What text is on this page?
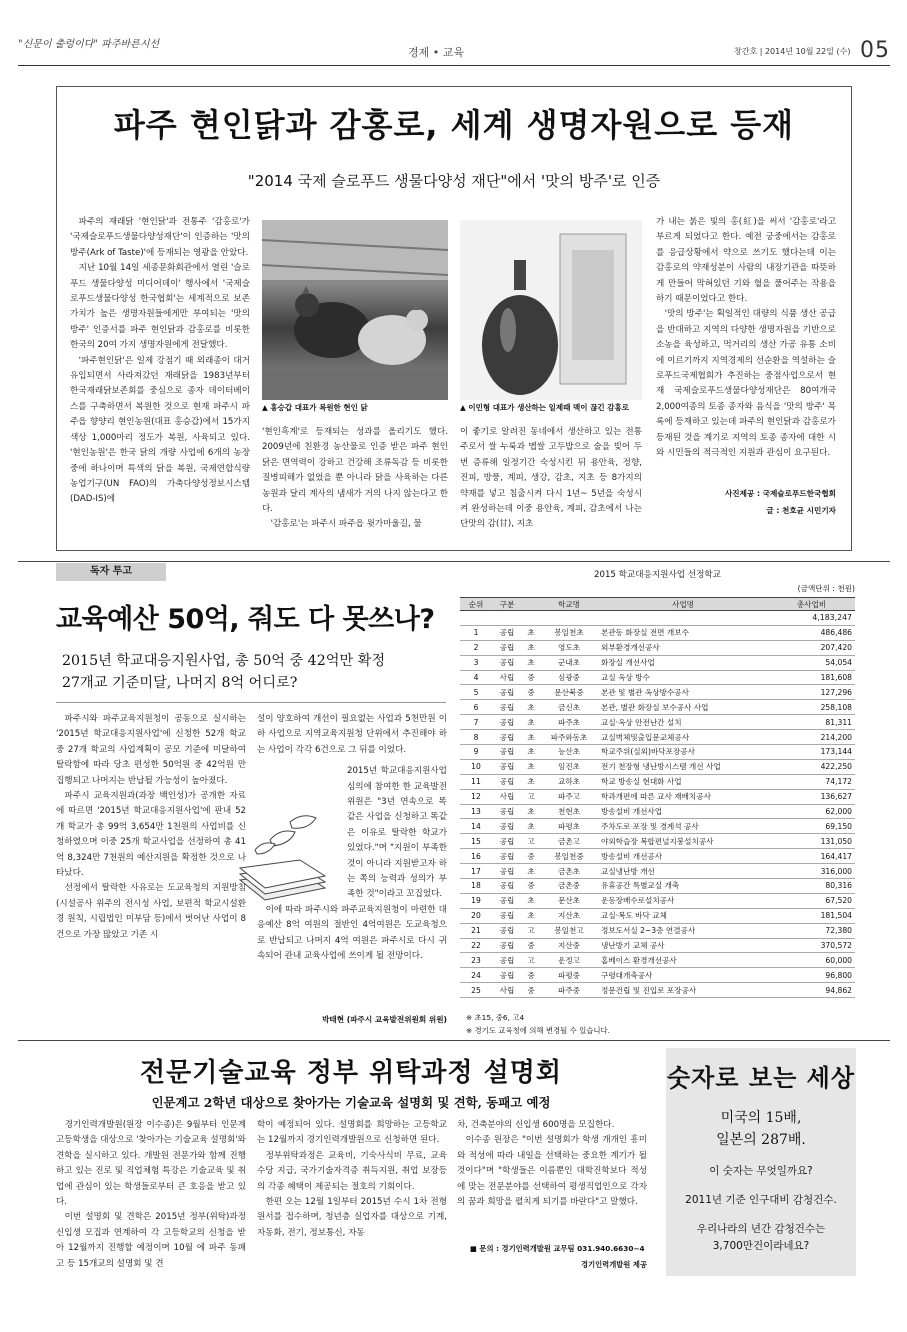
"신문이 출렁이다" 파주바른시선
경제 • 교육	창간호 | 2014년 10월 22일 (수) 05
파주 현인닭과 감홍로, 세계 생명자원으로 등재
"2014 국제 슬로푸드 생물다양성 재단"에서 '맛의 방주'로 인증

파주의 재래닭 '현인닭'과 전통주 '감홍로'가 '국제슬로푸드생물다양성재단'이 인증하는 '맛의 방주(Ark of Taste)'에 등재되는 영광을 안았다.

지난 10월 14일 세종문화회관에서 열린 '슬로푸드 생물다양성 미디어데이' 행사에서 '국제슬로푸드생물다양성 한국협회'는 세계적으로 보존가치가 높은 생명자원들에게만 부여되는 '맛의 방주' 인증서를 파주 현인닭과 감홍로를 비롯한 한국의 20여 가지 생명자원에게 전달했다.

'파주현인닭'은 일제 강점기 때 외래종이 대거 유입되면서 사라져갔던 재래닭을 1983년부터 한국재래닭보존회를 중심으로 종자 데이터베이스를 구축하면서 복원한 것으로 현재 파주시 파주읍 향양리 현인농원(대표 홍승갑)에서 15가지 색상 1,000마리 정도가 복원, 사육되고 있다. '현인농원'은 한국 닭의 개량 사업에 6개의 농장 중에 하나이며 특색의 닭을 복원, 국제연합식량농업기구(UN FAO)의 가축다양성정보시스템(DAD-IS)에

▲ 홍승갑 대표가 복원한 현인 닭

'현인흑계'로 등재되는 성과를 올리기도 했다. 2009년에 친환경 농산물로 인증 받은 파주 현인닭은 면역력이 강하고 건강해 조류독감 등 비롯한 질병피해가 없었을 뿐 아니라 닭을 사육하는 다른 농원과 달리 계사의 냄새가 거의 나지 않는다고 한다.

'감홍로'는 파주시 파주읍 윗가마울길, 물

▲ 이민형 대표가 생산하는 일제때 맥이 끊긴 감홍로

이 좋기로 알려진 동네에서 생산하고 있는 전통주로서 쌀 누룩과 멥쌀 고두밥으로 술을 빚어 두 번 증류해 일정기간 숙성시킨 뒤 용안육, 정향, 진피, 방풍, 계피, 생강, 감초, 지초 등 8가지의 약재를 넣고 침출시켜 다시 1년~ 5년을 숙성시켜 완성하는데 이중 용안육, 계피, 감초에서 나는 단맛의 감(甘), 지초

가 내는 붉은 빛의 홍(紅)을 써서 '감홍로'라고 부르게 되었다고 한다. 예전 궁중에서는 감홍로를 응급상황에서 약으로 쓰기도 했다는데 이는 감홍로의 약재성분이 사람의 내장기관을 따뜻하게 만들어 막혀있던 기와 혈을 풀어주는 작용을 하기 때문이었다고 한다.

'맛의 방주'는 획일적인 대량의 식품 생산 공급을 반대하고 지역의 다양한 생명자원을 기반으로 소농을 육성하고, 먹거리의 생산 가공 유통 소비에 이르기까지 지역경제의 선순환을 역설하는 슬로푸드국제협회가 추진하는 중점사업으로서 현재 국제슬로푸드생물다양성재단은 80여개국 2,000여종의 토종 종자와 음식을 '맛의 방주' 목록에 등재하고 있는데 파주의 현인닭과 감홍로가 등재된 것을 계기로 지역의 토종 종자에 대한 시와 시민들의 적극적인 지원과 관심이 요구된다.

사진제공 : 국제슬로푸드한국협회
글 : 천호균 시민기자
독자 투고
교육예산 50억, 줘도 다 못쓰나?
2015년 학교대응지원사업, 총 50억 중 42억만 확정
27개교 기준미달, 나머지 8억 어디로?

파주시와 파주교육지원청이 공동으로 실시하는 '2015년 학교대응지원사업'에 신청한 52개 학교 중 27개 학교의 사업계획이 공모 기준에 미달하여 탈락함에 따라 당초 편성한 50억원 중 42억원 만 집행되고 나머지는 반납될 가능성이 높아졌다.

파주시 교육지원과(과장 백인성)가 공개한 자료에 따르면 '2015년 학교대응지원사업'에 판내 52개 학교가 총 99억 3,654만 1천원의 사업비를 신청하였으며 이중 25개 학교사업을 선정하여 총 41억 8,324만 7천원의 예산지원을 확정한 것으로 나타났다.

선정에서 탈락한 사유로는 도교육청의 지원방침(시설공사 위주의 전시성 사업, 보편적 학교시설환경 원칙, 시립법인 미부담 등)에서 벗어난 사업이 8건으로 가장 많았고 기존 시

설이 양호하여 개선이 필요없는 사업과 5천만원 이하 사업으로 지역교육지원청 단위에서 추진해야 하는 사업이 각각 6건으로 그 뒤를 이었다.

2015년 학교대응지원사업 심의에 참여한 한 교육발전위원은 "3년 연속으로 똑같은 사업을 신청하고 똑같은 이유로 탈락한 학교가 있었다."며 "지원이 부족한 것이 아니라 지원받고자 하는 쪽의 능력과 성의가 부족한 것"이라고 꼬집었다.

이에 따라 파주시와 파주교육지원청이 마련한 대응예산 8억 여원의 절반인 4억여원은 도교육청으로 반납되고 나머지 4억 여원은 파주시로 다시 귀속되어 관내 교육사업에 쓰이게 될 전망이다.

박태현 (파주시 교육발전위원회 위원)
2015 학교대응지원사업 선정학교
(금액단위 : 천원)
순위	구분		학교명	사업명	총사업비
					4,183,247
1	공립	초	봉일천초	본관동 화장실 전면 개보수	486,486
2	공립	초	영도초	외부환경개선공사	207,420
3	공립	초	군내초	화장실 개선사업	54,054
4	사립	중	심광중	교실 옥상 방수	181,608
5	공립	중	문산북중	본관 및 별관 옥상방수공사	127,296
6	공립	초	금신초	본관, 별관 화장실 보수공사 사업	258,108
7	공립	초	파주초	교실·옥상 안전난간 설치	81,311
8	공립	초	파주와동초	교실벽체및출입문교체공사	214,200
9	공립	초	능산초	학교주위(실외)바닥포장공사	173,144
10	공립	초	임진초	전기 천장형 냉난방시스템 개선 사업	422,250
11	공립	초	교하초	학교 방송실 현대화 사업	74,172
12	사립	고	파주고	학과개편에 따른 교사 재배치공사	136,627
13	공립	초	천현초	방송설비 개선사업	62,000
14	공립	초	파평초	주차도로 포장 및 경계석 공사	69,150
15	공립	고	금촌고	야외학습장 복합편널지붕설치공사	131,050
16	공립	중	봉일천중	방송설비 개선공사	164,417
17	공립	초	금촌초	교실냉난방 개선	316,000
18	공립	중	금촌중	유휴공간 특별교실 개축	80,316
19	공립	초	문산초	운동장배수로설치공사	67,520
20	공립	초	지산초	교실·복도 바닥 교체	181,504
21	공립	고	봉일천고	정보도서실 2~3층 연결공사	72,380
22	공립	중	지산중	냉난방기 교체 공사	370,572
23	공립	고	운정고	홈베이스 환경개선공사	60,000
24	공립	중	파평중	구령대개축공사	96,800
25	사립	중	파주중	정문건립 및 진입로 포장공사	94,862
※ 초15, 중6, 고4
※ 경기도 교육청에 의해 변경될 수 있습니다.
전문기술교육 정부 위탁과정 설명회
인문계고 2학년 대상으로 찾아가는 기술교육 설명회 및 견학, 동패고 예정

경기인력개발원(원장 이수종)은 9월부터 인문계고등학생을 대상으로 '찾아가는 기술교육 설명회'와 견학을 실시하고 있다. 개발원 전문가와 함께 진행하고 있는 진로 및 직업체험 특강은 기술교육 및 취업에 관심이 있는 학생들로부터 큰 호응을 받고 있다.

이번 설명회 및 견학은 2015년 정부(위탁)과정 신입생 모집과 연계하여 각 고등학교의 신청을 받아 12월까지 진행할 예정이며 10월 에 파주 동패고 등 15개교의 설명회 및 견

학이 예정되어 있다. 설명회를 희망하는 고등학교는 12월까지 경기인력개발원으로 신청하면 된다.

정부위탁과정은 교육비, 기숙사식비 무료, 교육수당 지급, 국가기술자격증 취득지원, 취업 보장등의 각종 혜택이 제공되는 절호의 기회이다.

한편 오는 12월 1일부터 2015년 수시 1차 전형 원서를 접수하며, 청년층 실업자를 대상으로 기계, 자동화, 전기, 정보통신, 자동

차, 건축분야의 신입생 600명을 모집한다.

이수종 원장은 "이번 설명회가 학생 개개인 흥미와 적성에 따라 내일을 선택하는 중요한 계기가 될 것이다"며 "학생들은 이름뿐인 대학진학보다 적성에 맞는 전문분야를 선택하여 평생직업인으로 각자의 꿈과 희망을 펼치게 되기를 바란다"고 말했다.

■ 문의 : 경기인력개발원 교무팀 031.940.6630~4
경기인력개발원 제공
숫자로 보는 세상
미국의 15배,
일본의 287배.
이 숫자는 무엇일까요?
2011년 기준 인구대비 감청건수.
우리나라의 년간 감청건수는
3,700만건이라네요?
